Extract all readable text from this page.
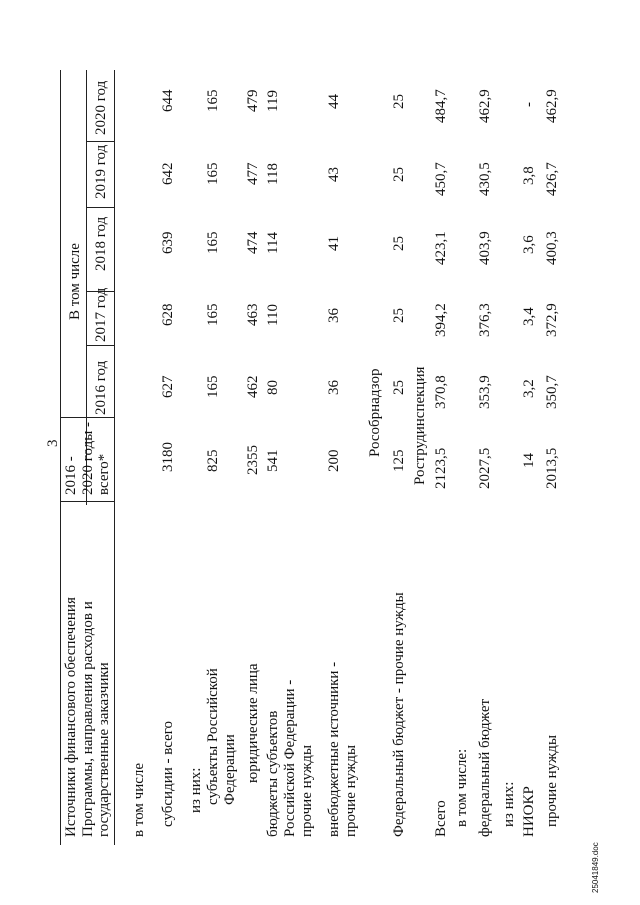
3
Источники финансового обеспечения Программы, направления расходов и государственные заказчики
2016 - 2020 годы - всего*
В том числе
2016 год
2017 год
2018 год
2019 год
2020 год
в том числе субсидии - всего
3180
627
628
639
642
644
из них: субъекты Российской Федерации
825
165
165
165
165
165
юридические лица
2355
462
463
474
477
479
бюджеты субъектов Российской Федерации - прочие нужды
541
80
110
114
118
119
внебюджетные источники - прочие нужды
200
36
36
41
43
44
Рособрнадзор
Федеральный бюджет - прочие нужды
125
25
25
25
25
25
Рострудинспекция
Всего
2123,5
370,8
394,2
423,1
450,7
484,7
в том числе: федеральный бюджет
2027,5
353,9
376,3
403,9
430,5
462,9
из них: НИОКР
14
3,2
3,4
3,6
3,8
-
прочие нужды
2013,5
350,7
372,9
400,3
426,7
462,9
25041849.doc
